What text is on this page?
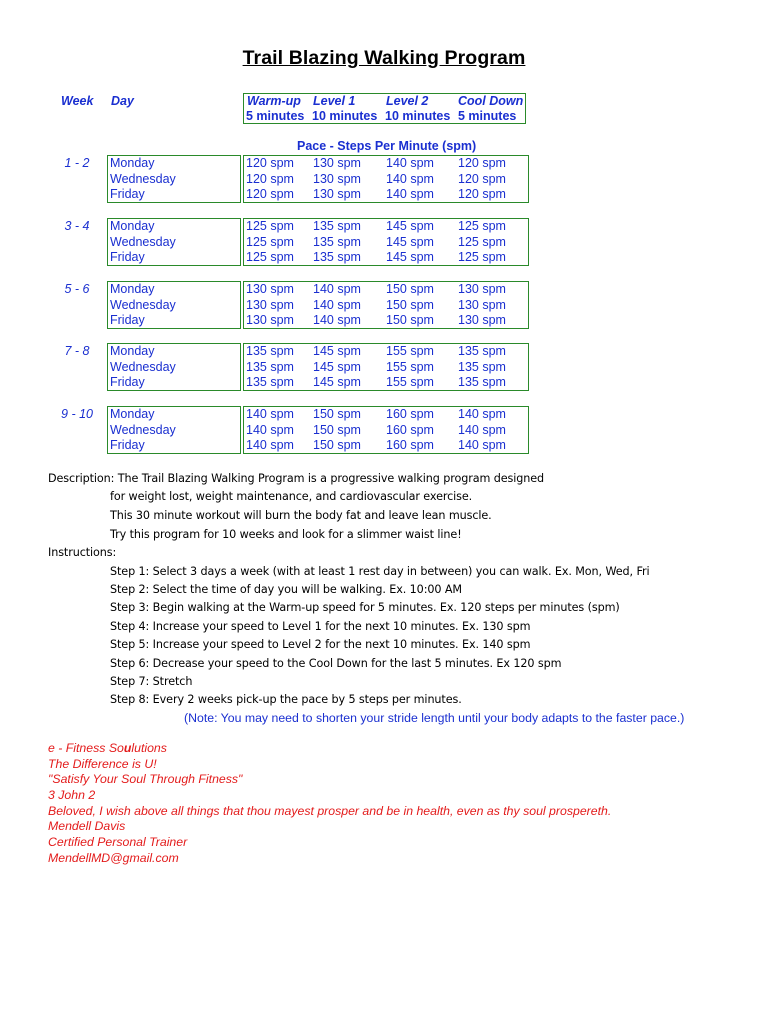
Trail Blazing Walking Program
Week Day	Warm-up Level 1 Level 2 Cool Down
5 minutes 10 minutes 10 minutes 5 minutes
Pace - Steps Per Minute (spm)
1 - 2	Monday	120 spm 130 spm 140 spm 120 spm
Wednesday	120 spm 130 spm 140 spm 120 spm
Friday	120 spm 130 spm 140 spm 120 spm
3 - 4	Monday	125 spm 135 spm 145 spm 125 spm
Wednesday	125 spm 135 spm 145 spm 125 spm
Friday	125 spm 135 spm 145 spm 125 spm
5 - 6	Monday	130 spm 140 spm 150 spm 130 spm
Wednesday	130 spm 140 spm 150 spm 130 spm
Friday	130 spm 140 spm 150 spm 130 spm
7 - 8	Monday	135 spm 145 spm 155 spm 135 spm
Wednesday	135 spm 145 spm 155 spm 135 spm
Friday	135 spm 145 spm 155 spm 135 spm
9 - 10	Monday	140 spm 150 spm 160 spm 140 spm
Wednesday	140 spm 150 spm 160 spm 140 spm
Friday	140 spm 150 spm 160 spm 140 spm
Description: The Trail Blazing Walking Program is a progressive walking program designed
for weight lost, weight maintenance, and cardiovascular exercise.
This 30 minute workout will burn the body fat and leave lean muscle.
Try this program for 10 weeks and look for a slimmer waist line!
Instructions:
Step 1: Select 3 days a week (with at least 1 rest day in between) you can walk. Ex. Mon, Wed, Fri
Step 2: Select the time of day you will be walking. Ex. 10:00 AM
Step 3: Begin walking at the Warm-up speed for 5 minutes. Ex. 120 steps per minutes (spm)
Step 4: Increase your speed to Level 1 for the next 10 minutes. Ex. 130 spm
Step 5: Increase your speed to Level 2 for the next 10 minutes. Ex. 140 spm
Step 6: Decrease your speed to the Cool Down for the last 5 minutes. Ex 120 spm
Step 7: Stretch
Step 8: Every 2 weeks pick-up the pace by 5 steps per minutes.
(Note: You may need to shorten your stride length until your body adapts to the faster pace.)
e - Fitness Soulutions
The Difference is U!
"Satisfy Your Soul Through Fitness"
3 John 2
Beloved, I wish above all things that thou mayest prosper and be in health, even as thy soul prospereth.
Mendell Davis
Certified Personal Trainer
MendellMD@gmail.com
